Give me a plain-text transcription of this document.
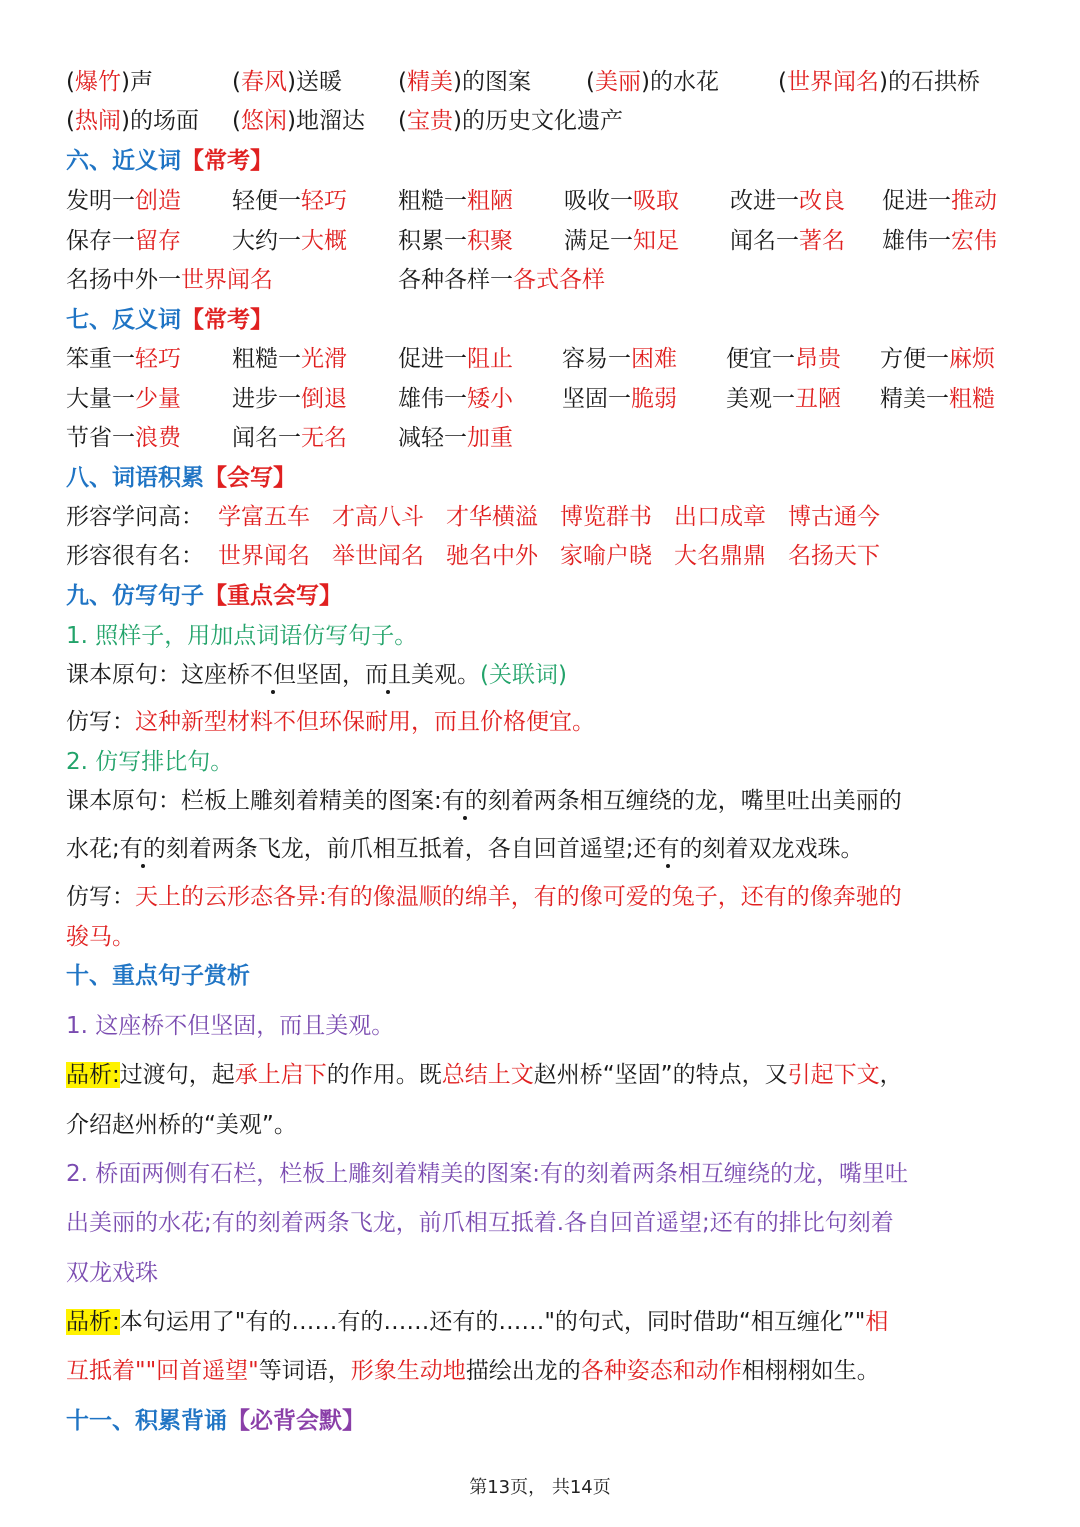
(爆竹)声	(春风)送暖 (精美)的图案 (美丽)的水花	(世界闻名)的石拱桥
(热闹)的场面 (悠闲)地溜达 (宝贵)的历史文化遗产
六、近义词【常考】
发明一创造 轻便一轻巧 粗糙一粗陋 吸收一吸取 改进一改良 促进一推动
保存一留存 大约一大概 积累一积聚 满足一知足 闻名一著名 雄伟一宏伟
名扬中外一世界闻名	各种各样一各式各样
七、反义词【常考】
笨重一轻巧 粗糙一光滑 促进一阻止 容易一困难 便宜一昂贵 方便一麻烦
大量一少量 进步一倒退 雄伟一矮小 坚固一脆弱 美观一丑陋 精美一粗糙
节省一浪费 闻名一无名 减轻一加重
八、词语积累【会写】
形容学问高： 学富五车 才高八斗 才华横溢 博览群书 出口成章 博古通今
形容很有名： 世界闻名 举世闻名 驰名中外 家喻户晓 大名鼎鼎 名扬天下
九、仿写句子【重点会写】
1. 照样子，用加点词语仿写句子。
课本原句：这座桥不但坚固，而且美观。(关联词)
仿写：这种新型材料不但环保耐用，而且价格便宜。
2. 仿写排比句。
课本原句：栏板上雕刻着精美的图案:有的刻着两条相互缠绕的龙，嘴里吐出美丽的
水花;有的刻着两条飞龙，前爪相互抵着，各自回首遥望;还有的刻着双龙戏珠。
仿写：天上的云形态各异:有的像温顺的绵羊，有的像可爱的兔子，还有的像奔驰的
骏马。
十、重点句子赏析
1. 这座桥不但坚固，而且美观。
品析:过渡句，起承上启下的作用。既总结上文赵州桥“坚固”的特点，又引起下文，
介绍赵州桥的“美观”。
2. 桥面两侧有石栏，栏板上雕刻着精美的图案:有的刻着两条相互缠绕的龙，嘴里吐
出美丽的水花;有的刻着两条飞龙，前爪相互抵着.各自回首遥望;还有的排比句刻着
双龙戏珠
品析:本句运用了"有的……有的……还有的……"的句式，同时借助“相互缠化”"相
互抵着""回首遥望"等词语，形象生动地描绘出龙的各种姿态和动作相栩栩如生。
十一、积累背诵【必背会默】
第13页， 共14页
